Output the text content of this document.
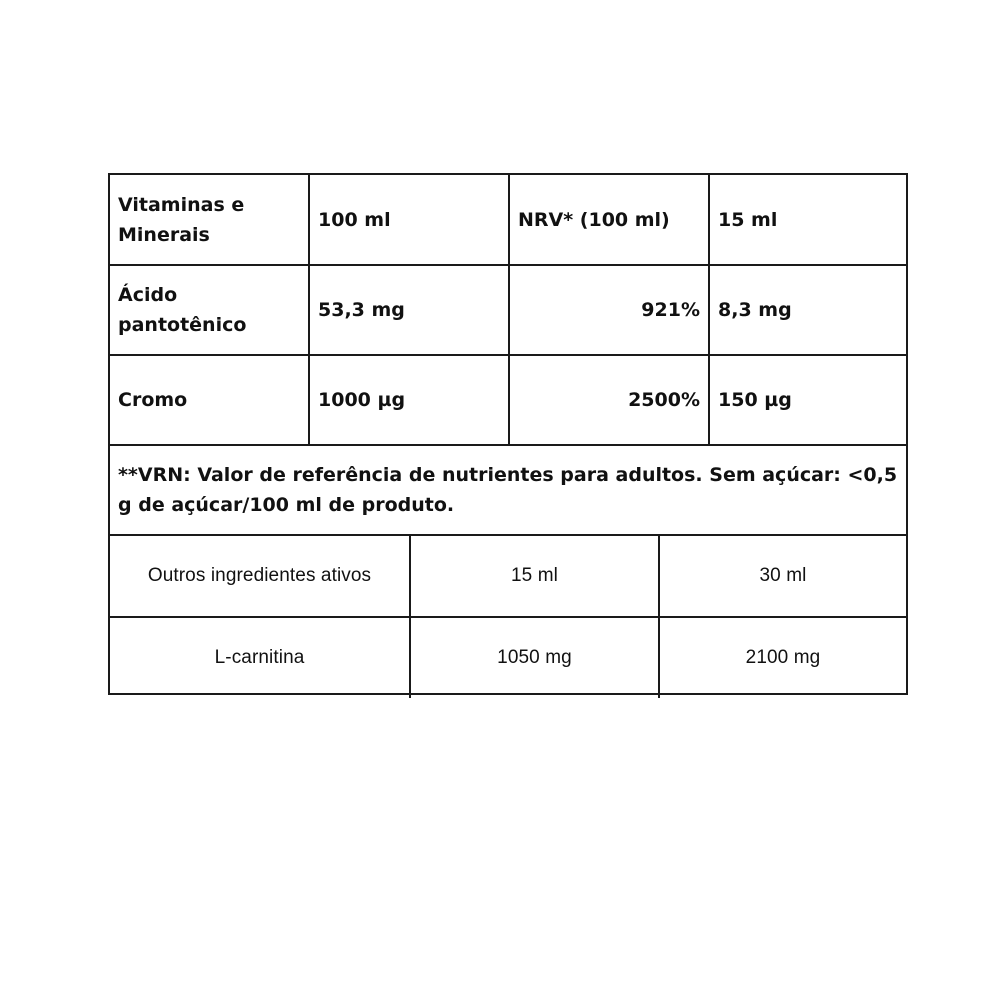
Vitaminas e Minerais	100 ml	NRV* (100 ml)	15 ml
Ácido pantotênico	53,3 mg	921%	8,3 mg
Cromo	1000 µg	2500%	150 µg
**VRN: Valor de referência de nutrientes para adultos. Sem açúcar: <0,5 g de açúcar/100 ml de produto.			
Outros ingredientes ativos	15 ml	30 ml
L-carnitina	1050 mg	2100 mg
